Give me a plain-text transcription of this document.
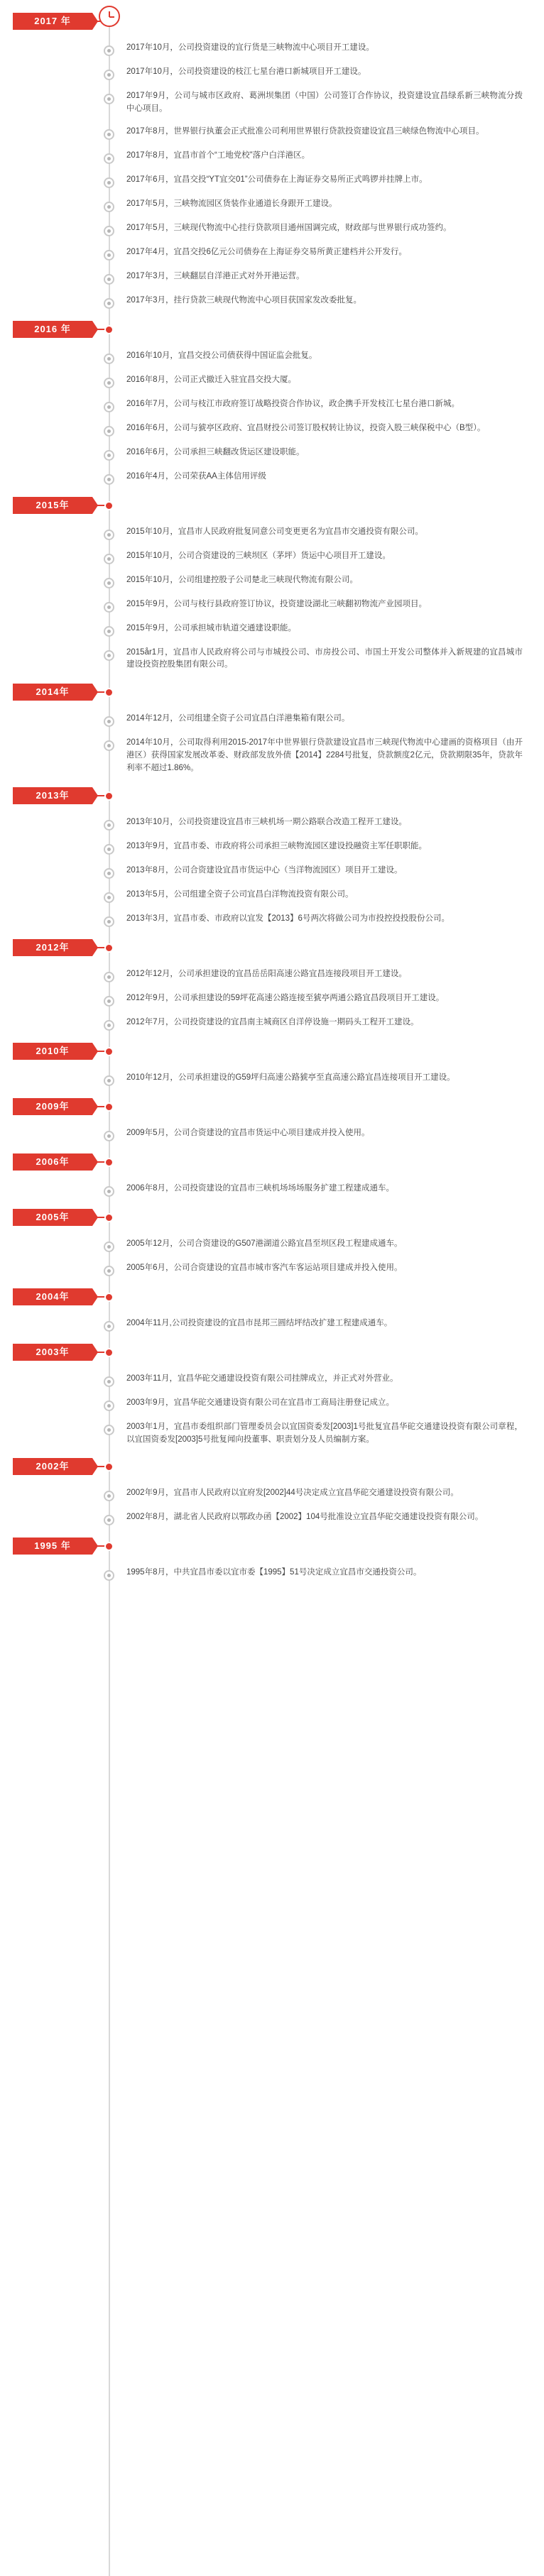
2017 年
2017年10月，公司投资建设的宜行货是三峡物流中心项目开工建设。
2017年10月，公司投资建设的枝江七星台港口新城项目开工建设。
2017年9月，公司与城市区政府、葛洲坝集团（中国）公司签订合作协议，投资建设宜昌绿系新三峡物流分拨中心项目。
2017年8月，世界银行执董会正式批准公司利用世界银行贷款投资建设宜昌三峡绿色物流中心项目。
2017年8月，宜昌市首个“工地党校”落户白洋港区。
2017年6月，宜昌交投“YT宜交01”公司债券在上海证券交易所正式鸣锣并挂牌上市。
2017年5月，三峡物流园区货装作业通道长身跟开工建设。
2017年5月，三峡现代物流中心挂行贷款项目通州国调完成，财政部与世界银行成功签约。
2017年4月，宜昌交投6亿元公司债券在上海证券交易所黄正建档并公开发行。
2017年3月，三峡翻层自洋港正式对外开港运营。
2017年3月，挂行贷款三峡现代物流中心项目获国家发改委批复。
2016 年
2016年10月，宜昌交投公司债获得中国证监会批复。
2016年8月，公司正式撤迁入驻宜昌交投大厦。
2016年7月，公司与枝江市政府签订战略投资合作协议，政企携手开发枝江七星台港口新城。
2016年6月，公司与猇亭区政府、宜昌财投公司签订股权转让协议，投资入股三峡保税中心（B型）。
2016年6月，公司承担三峡翻改货运区建设职能。
2016年4月，公司荣获AA主体信用评级
2015年
2015年10月，宜昌市人民政府批复同意公司变更更名为宜昌市交通投资有限公司。
2015年10月，公司合资建设的三峡坝区（茅坪）货运中心项目开工建设。
2015年10月，公司组建控股子公司楚北三峡现代物流有限公司。
2015年9月，公司与枝行县政府签订协议，投资建设湖北三峡翻初物流产业园项目。
2015年9月，公司承担城市轨道交通建设职能。
2015år1月，宜昌市人民政府将公司与市城投公司、市房投公司、市国土开发公司整体并入新规建的宜昌城市建设投资控股集团有限公司。
2014年
2014年12月，公司组建全资子公司宜昌白洋港集箱有限公司。
2014年10月，公司取得利用2015-2017年中世界银行贷款建设宜昌市三峡现代物流中心建画的资格项目（由开港区）获得国家发展改革委、财政部发放外债【2014】2284号批复，贷款额度2亿元，贷款期限35年，贷款年利率不超过1.86%。
2013年
2013年10月，公司投资建设宜昌市三峡机场一期公路联合改造工程开工建设。
2013年9月，宜昌市委、市政府将公司承担三峡物流园区建设投融资主军任职职能。
2013年8月，公司合资建设宜昌市货运中心（当洋物流园区）项目开工建设。
2013年5月，公司组建全资子公司宜昌白洋物流投资有限公司。
2013年3月，宜昌市委、市政府以宜发【2013】6号两次将做公司为市投控投投股份公司。
2012年
2012年12月，公司承担建设的宜昌岳岳阳高速公路宜昌连接段项目开工建设。
2012年9月，公司承担建设的59坪花高速公路连接至猇亭两通公路宜昌段项目开工建设。
2012年7月，公司投资建设的宜昌南主城商区自洋停设施一期码头工程开工建设。
2010年
2010年12月，公司承担建设的G59坪归高速公路猇亭至直高速公路宜昌连接项目开工建设。
2009年
2009年5月，公司合资建设的宜昌市货运中心项目建成并投入使用。
2006年
2006年8月，公司投资建设的宜昌市三峡机场场场服务扩建工程建成通车。
2005年
2005年12月，公司合资建设的G507港湖道公路宜昌至坝区段工程建成通车。
2005年6月，公司合资建设的宜昌市城市客汽车客运站项目建成并投入使用。
2004年
2004年11月,公司投资建设的宜昌市昆邦三圆结坪结改扩建工程建成通车。
2003年
2003年11月，宜昌华砣交通建设投资有限公司挂牌成立，并正式对外营业。
2003年9月，宜昌华砣交通建设资有限公司在宜昌市工商局注册登记成立。
2003年1月，宜昌市委组织部门管理委员会以宜国资委发[2003]1号批复宜昌华砣交通建设投资有限公司章程，以宜国资委发[2003]5号批复闻向投董事、职责划分及人员编制方案。
2002年
2002年9月，宜昌市人民政府以宜府发[2002]44号决定成立宜昌华砣交通建设投资有限公司。
2002年8月，湖北省人民政府以鄂政办函【2002】104号批准设立宜昌华砣交通建设投资有限公司。
1995 年
1995年8月，中共宜昌市委以宜市委【1995】51号决定成立宜昌市交通投资公司。
